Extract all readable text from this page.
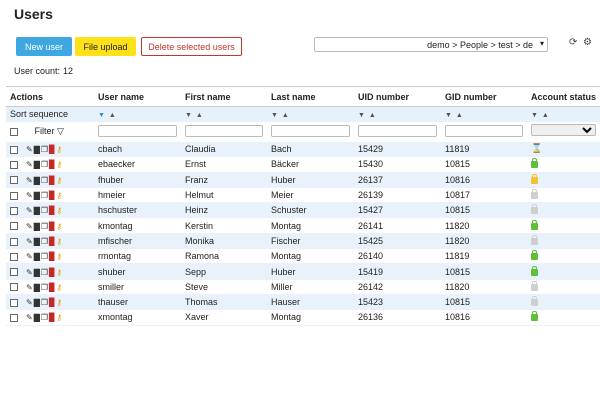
Users
New user	File upload	Delete selected users	demo > People > test > de ▾	⟳ ⚙
User count: 12
Actions	User name	First name	Last name	UID number	GID number	Account status
Sort sequence	▼ ▲	▼ ▲	▼ ▲	▼ ▲	▼ ▲	▼ ▲
Filter ▽						
✎▇❐▉⚷	cbach	Claudia	Bach	15429	11819	⌛
✎▇❐▉⚷	ebaecker	Ernst	Bäcker	15430	10815	
✎▇❐▉⚷	fhuber	Franz	Huber	26137	10816	
✎▇❐▉⚷	hmeier	Helmut	Meier	26139	10817	
✎▇❐▉⚷	hschuster	Heinz	Schuster	15427	10815	
✎▇❐▉⚷	kmontag	Kerstin	Montag	26141	11820	
✎▇❐▉⚷	mfischer	Monika	Fischer	15425	11820	
✎▇❐▉⚷	rmontag	Ramona	Montag	26140	11819	
✎▇❐▉⚷	shuber	Sepp	Huber	15419	10815	
✎▇❐▉⚷	smiller	Steve	Miller	26142	11820	
✎▇❐▉⚷	thauser	Thomas	Hauser	15423	10815	
✎▇❐▉⚷	xmontag	Xaver	Montag	26136	10816	
